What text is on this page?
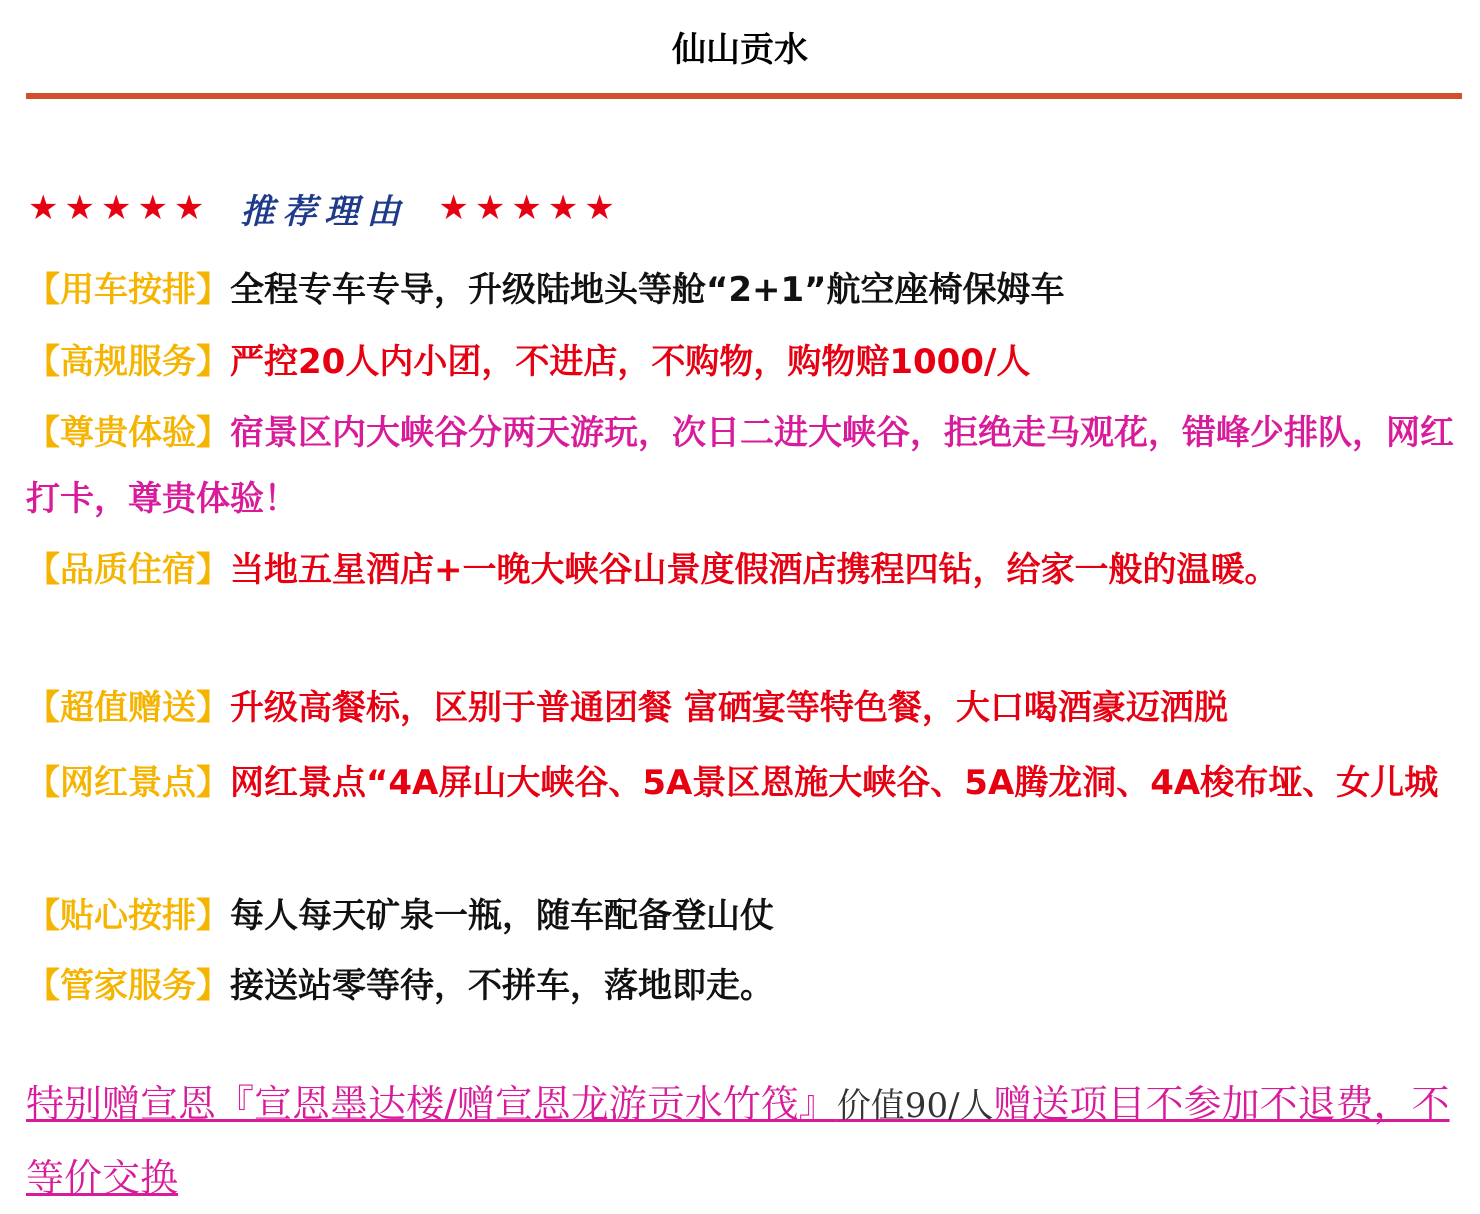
仙山贡水
★★★★★ 推荐理由 ★★★★★
【用车按排】全程专车专导，升级陆地头等舱“2+1”航空座椅保姆车
【高规服务】严控20人内小团，不进店，不购物，购物赔1000/人
【尊贵体验】宿景区内大峡谷分两天游玩，次日二进大峡谷，拒绝走马观花，错峰少排队，网红打卡，尊贵体验！
【品质住宿】当地五星酒店+一晚大峡谷山景度假酒店携程四钻，给家一般的温暖。
【超值赠送】升级高餐标，区别于普通团餐 富硒宴等特色餐，大口喝酒豪迈洒脱
【网红景点】网红景点“4A屏山大峡谷、5A景区恩施大峡谷、5A腾龙洞、4A梭布垭、女儿城
【贴心按排】每人每天矿泉一瓶，随车配备登山仗
【管家服务】接送站零等待，不拼车，落地即走。
特别赠宣恩『宣恩墨达楼/赠宣恩龙游贡水竹筏』价值90/人赠送项目不参加不退费，不等价交换
